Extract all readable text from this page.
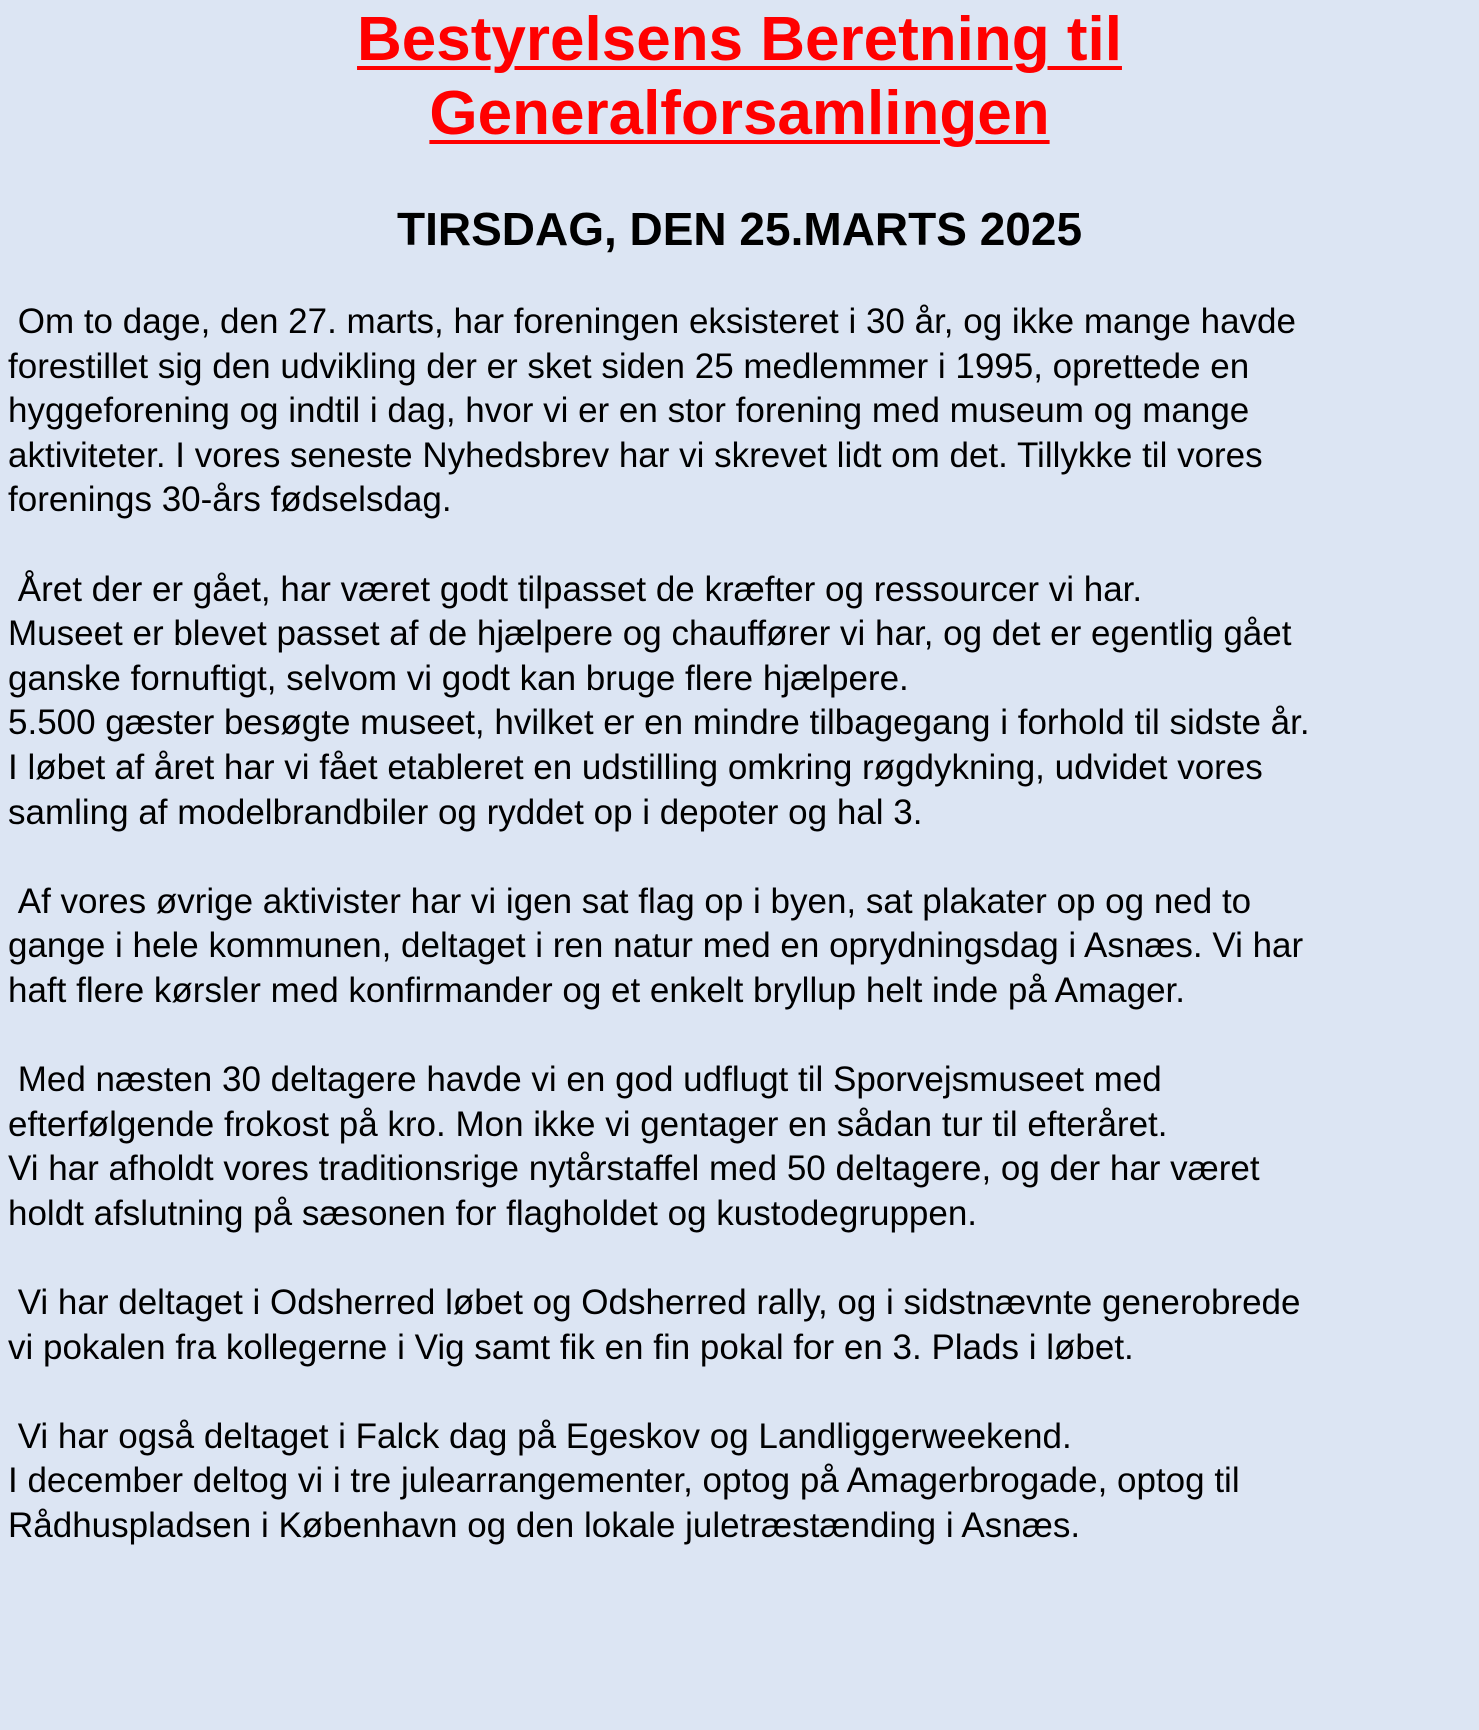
Bestyrelsens Beretning til
Generalforsamlingen
TIRSDAG, DEN 25.MARTS 2025
Om to dage, den 27. marts, har foreningen eksisteret i 30 år, og ikke mange havde
forestillet sig den udvikling der er sket siden 25 medlemmer i 1995, oprettede en
hyggeforening og indtil i dag, hvor vi er en stor forening med museum og mange
aktiviteter. I vores seneste Nyhedsbrev har vi skrevet lidt om det. Tillykke til vores
forenings 30-års fødselsdag.
Året der er gået, har været godt tilpasset de kræfter og ressourcer vi har.
Museet er blevet passet af de hjælpere og chauffører vi har, og det er egentlig gået
ganske fornuftigt, selvom vi godt kan bruge flere hjælpere.
5.500 gæster besøgte museet, hvilket er en mindre tilbagegang i forhold til sidste år.
I løbet af året har vi fået etableret en udstilling omkring røgdykning, udvidet vores
samling af modelbrandbiler og ryddet op i depoter og hal 3.
Af vores øvrige aktivister har vi igen sat flag op i byen, sat plakater op og ned to
gange i hele kommunen, deltaget i ren natur med en oprydningsdag i Asnæs. Vi har
haft flere kørsler med konfirmander og et enkelt bryllup helt inde på Amager.
Med næsten 30 deltagere havde vi en god udflugt til Sporvejsmuseet med
efterfølgende frokost på kro. Mon ikke vi gentager en sådan tur til efteråret.
Vi har afholdt vores traditionsrige nytårstaffel med 50 deltagere, og der har været
holdt afslutning på sæsonen for flagholdet og kustodegruppen.
Vi har deltaget i Odsherred løbet og Odsherred rally, og i sidstnævnte generobrede
vi pokalen fra kollegerne i Vig samt fik en fin pokal for en 3. Plads i løbet.
Vi har også deltaget i Falck dag på Egeskov og Landliggerweekend.
I december deltog vi i tre julearrangementer, optog på Amagerbrogade, optog til
Rådhuspladsen i København og den lokale juletræstænding i Asnæs.
